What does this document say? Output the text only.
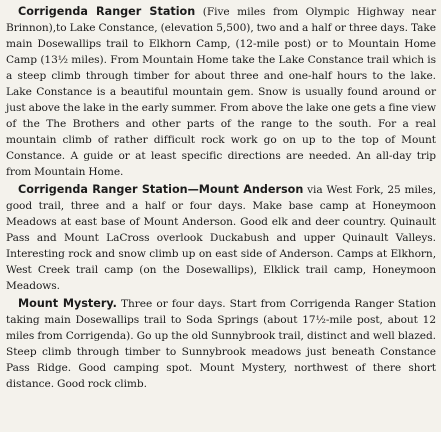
Corrigenda Ranger Station (Five miles from Olympic Highway near Brinnon),to Lake Constance, (elevation 5,500), two and a half or three days. Take main Dosewallips trail to Elkhorn Camp, (12-mile post) or to Mountain Home Camp (13½ miles). From Mountain Home take the Lake Constance trail which is a steep climb through timber for about three and one-half hours to the lake. Lake Constance is a beautiful mountain gem. Snow is usually found around or just above the lake in the early summer. From above the lake one gets a fine view of the The Brothers and other parts of the range to the south. For a real mountain climb of rather difficult rock work go on up to the top of Mount Constance. A guide or at least specific directions are needed. An all-day trip from Mountain Home.

Corrigenda Ranger Station—Mount Anderson via West Fork, 25 miles, good trail, three and a half or four days. Make base camp at Honeymoon Meadows at east base of Mount Anderson. Good elk and deer country. Quinault Pass and Mount LaCross overlook Duckabush and upper Quinault Valleys. Interesting rock and snow climb up on east side of Anderson. Camps at Elkhorn, West Creek trail camp (on the Dosewallips), Elklick trail camp, Honeymoon Meadows.

Mount Mystery. Three or four days. Start from Corrigenda Ranger Station taking main Dosewallips trail to Soda Springs (about 17½-mile post, about 12 miles from Corrigenda). Go up the old Sunnybrook trail, distinct and well blazed. Steep climb through timber to Sunnybrook meadows just beneath Constance Pass Ridge. Good camping spot. Mount Mystery, northwest of there short distance. Good rock climb.
